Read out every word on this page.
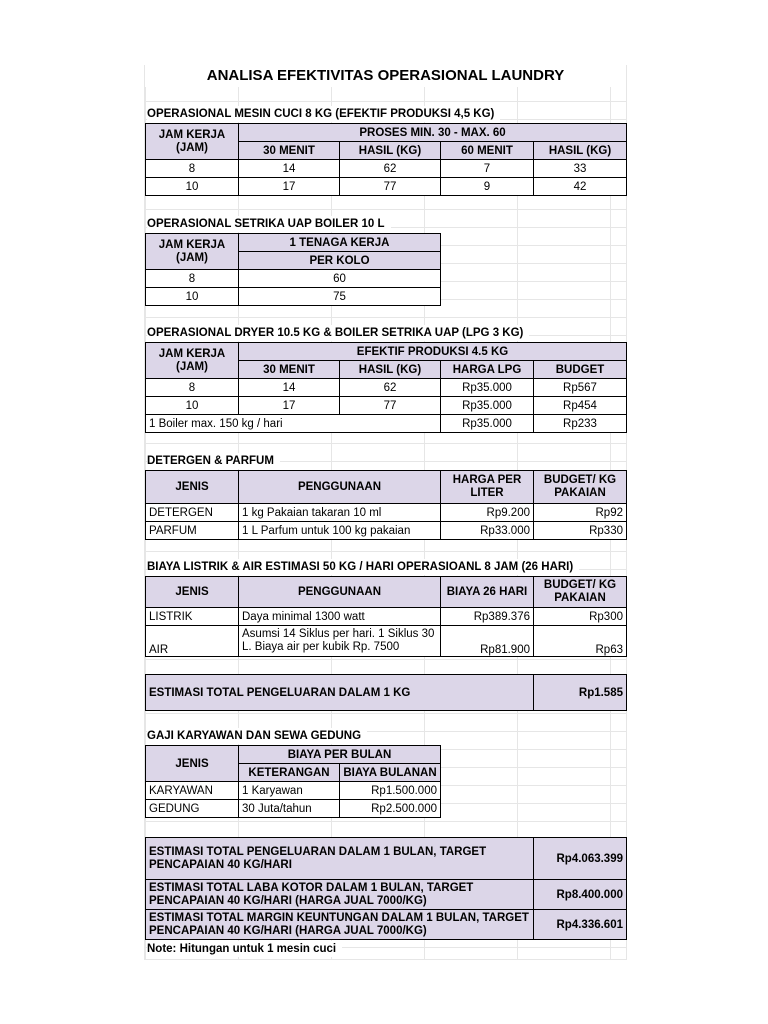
ANALISA EFEKTIVITAS OPERASIONAL LAUNDRY
OPERASIONAL MESIN CUCI 8 KG (EFEKTIF PRODUKSI 4,5 KG)
JAM KERJA (JAM)	PROSES MIN. 30 - MAX. 60			
	30 MENIT	HASIL (KG)	60 MENIT	HASIL (KG)
8	14	62	7	33
10	17	77	9	42
OPERASIONAL SETRIKA UAP BOILER 10 L
JAM KERJA (JAM)	1 TENAGA KERJA
	PER KOLO
8	60
10	75
OPERASIONAL DRYER 10.5 KG & BOILER SETRIKA UAP (LPG 3 KG)
JAM KERJA (JAM)	EFEKTIF PRODUKSI 4.5 KG			
	30 MENIT	HASIL (KG)	HARGA LPG	BUDGET
8	14	62	Rp35.000	Rp567
10	17	77	Rp35.000	Rp454
1 Boiler max. 150 kg / hari			Rp35.000	Rp233
DETERGEN & PARFUM
JENIS	PENGGUNAAN	HARGA PER LITER	BUDGET/ KG PAKAIAN
DETERGEN	1 kg Pakaian takaran 10 ml	Rp9.200	Rp92
PARFUM	1 L Parfum untuk 100 kg pakaian	Rp33.000	Rp330
BIAYA LISTRIK & AIR ESTIMASI 50 KG / HARI OPERASIOANL 8 JAM (26 HARI)
JENIS	PENGGUNAAN	BIAYA 26 HARI	BUDGET/ KG PAKAIAN
LISTRIK	Daya minimal 1300 watt	Rp389.376	Rp300
AIR	Asumsi 14 Siklus per hari. 1 Siklus 30 L. Biaya air per kubik Rp. 7500	Rp81.900	Rp63
ESTIMASI TOTAL PENGELUARAN DALAM 1 KG	Rp1.585
GAJI KARYAWAN DAN SEWA GEDUNG
JENIS	BIAYA PER BULAN	
	KETERANGAN	BIAYA BULANAN
KARYAWAN	1 Karyawan	Rp1.500.000
GEDUNG	30 Juta/tahun	Rp2.500.000
ESTIMASI TOTAL PENGELUARAN DALAM 1 BULAN, TARGET PENCAPAIAN 40 KG/HARI	Rp4.063.399
ESTIMASI TOTAL LABA KOTOR DALAM 1 BULAN, TARGET PENCAPAIAN 40 KG/HARI (HARGA JUAL 7000/KG)	Rp8.400.000
ESTIMASI TOTAL MARGIN KEUNTUNGAN DALAM 1 BULAN, TARGET PENCAPAIAN 40 KG/HARI (HARGA JUAL 7000/KG)	Rp4.336.601
Note: Hitungan untuk 1 mesin cuci
